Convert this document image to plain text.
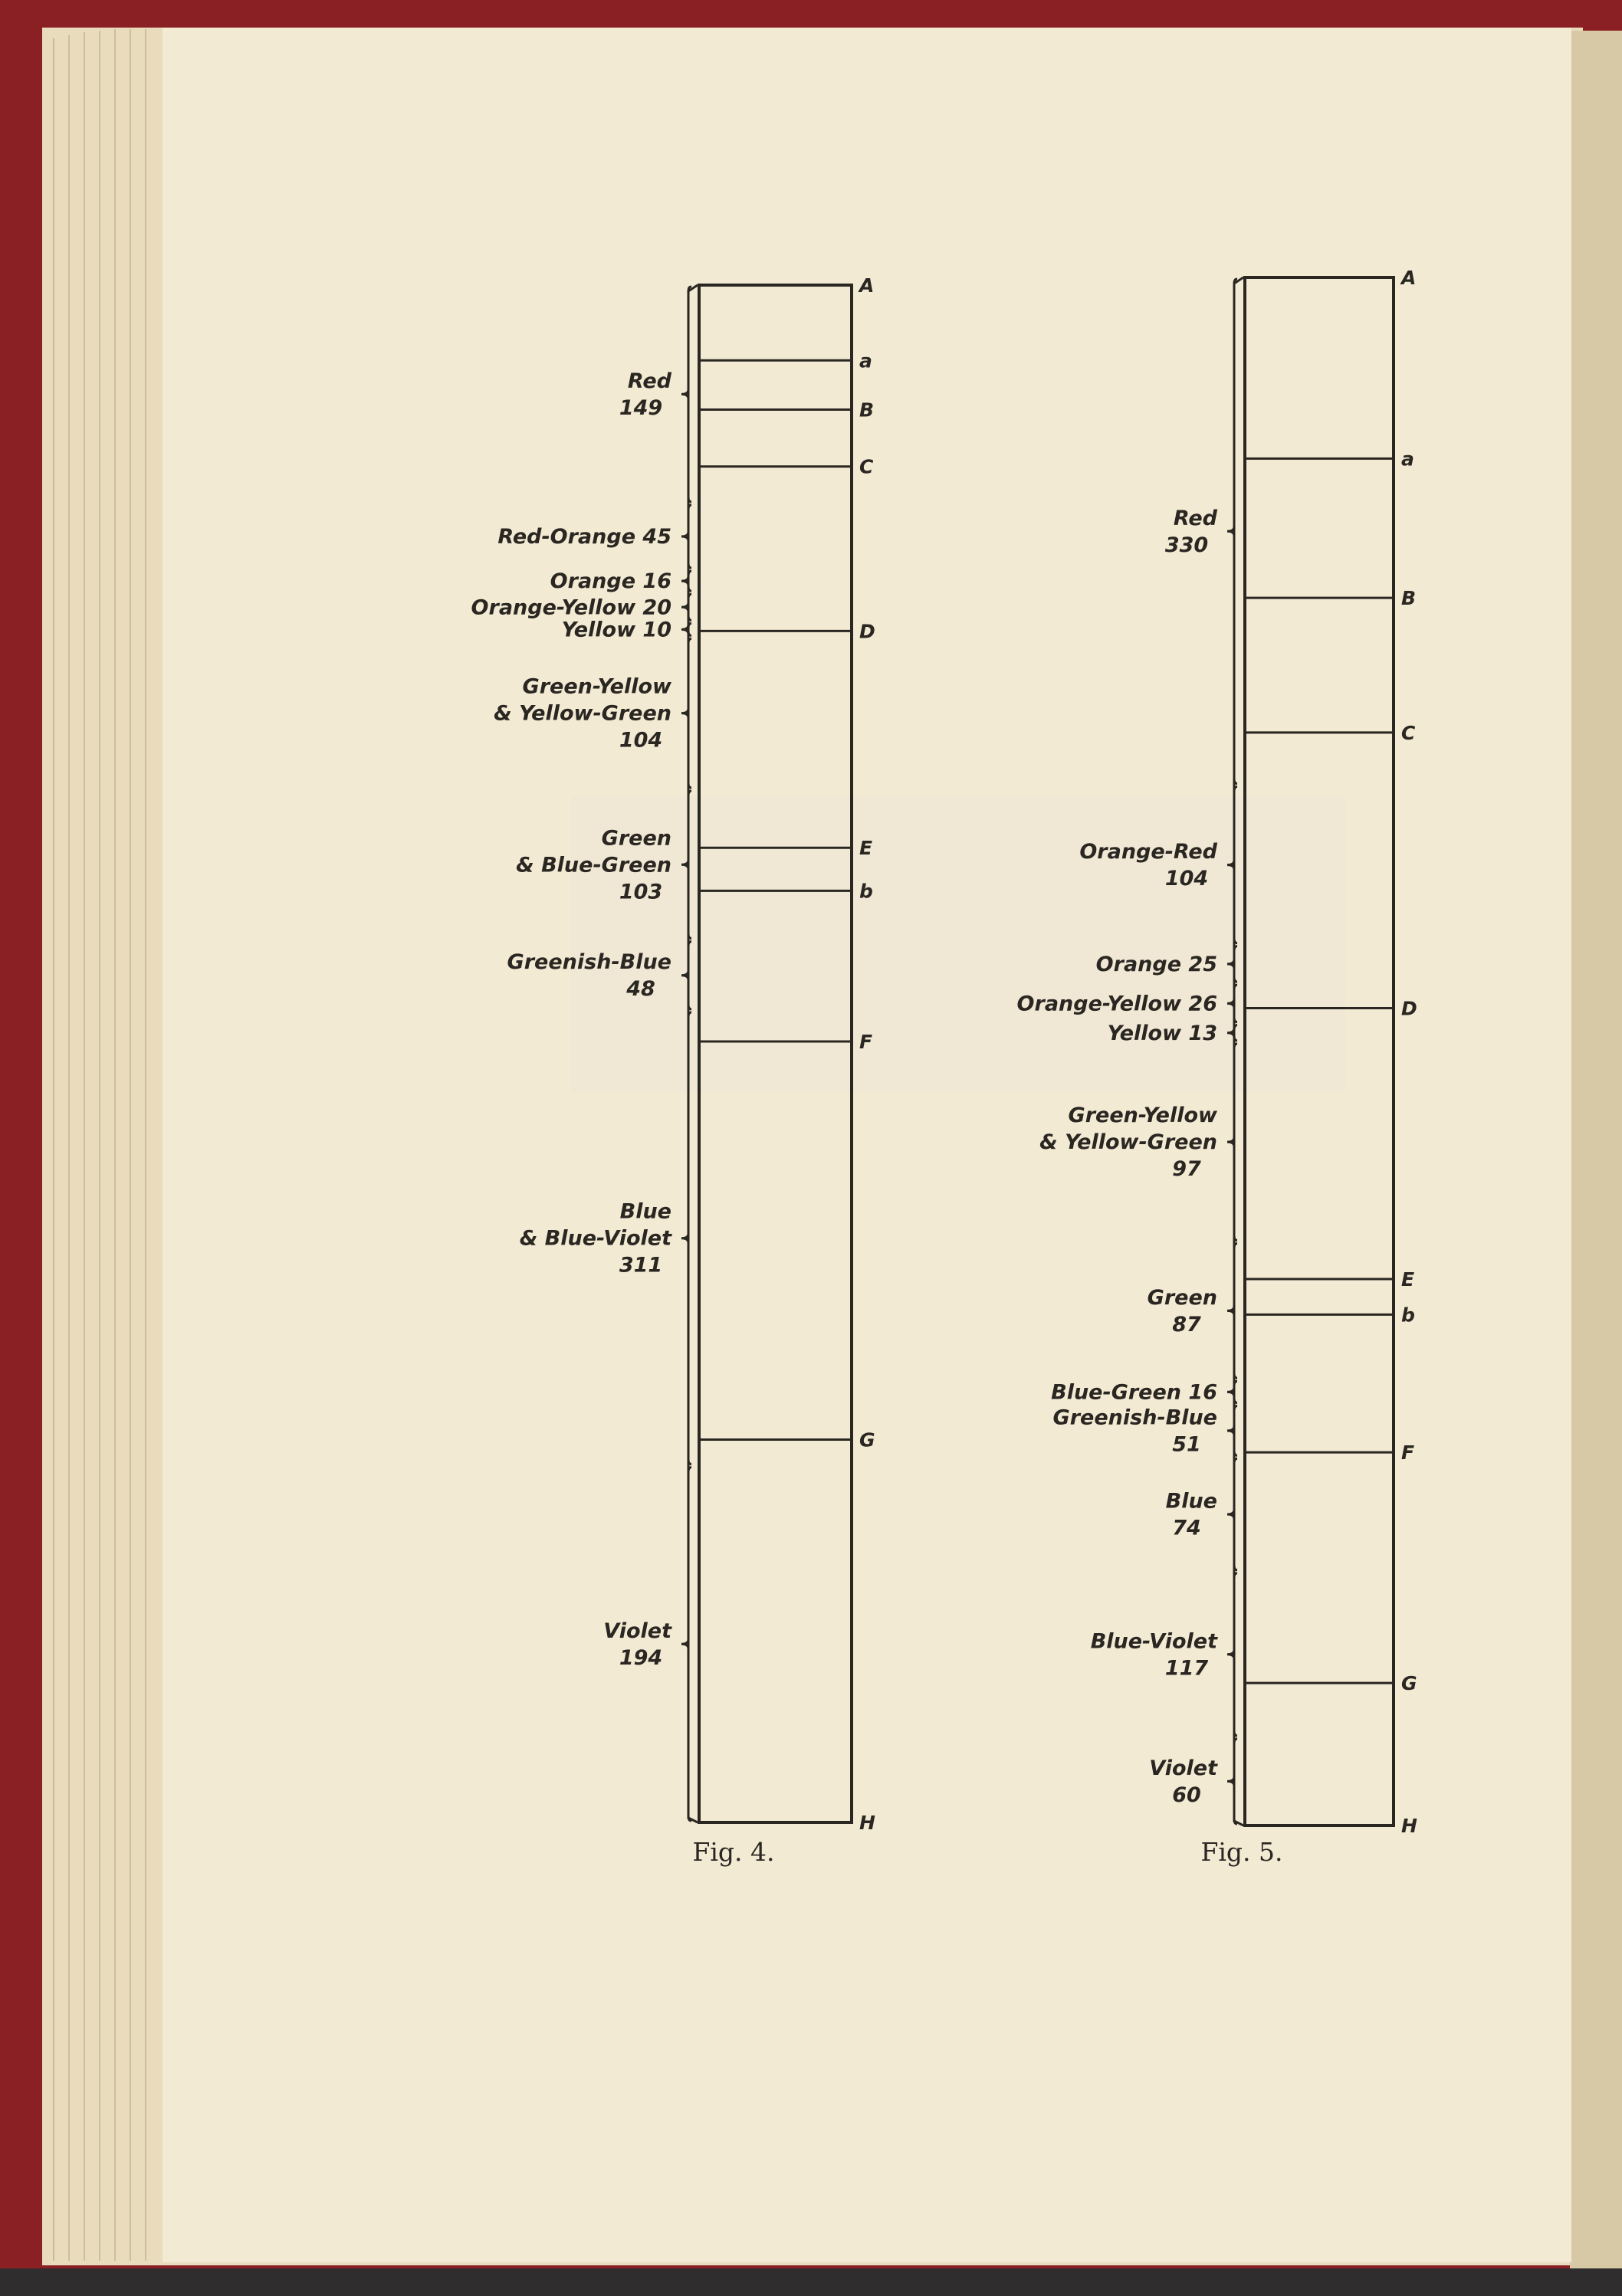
A
a
B
C
D
E
b
F
G
H
Red
149
Red-Orange 45
Orange 16
Orange-Yellow 20
Yellow 10
Green-Yellow
& Yellow-Green
104
Green
& Blue-Green
103
Greenish-Blue
48
Blue
& Blue-Violet
311
Violet
194
Fig. 4.
A
a
B
C
D
E
b
F
G
H
Red
330
Orange-Red
104
Orange 25
Orange-Yellow 26
Yellow 13
Green-Yellow
& Yellow-Green
97
Green
87
Blue-Green 16
Greenish-Blue
51
Blue
74
Blue-Violet
117
Violet
60
Fig. 5.
